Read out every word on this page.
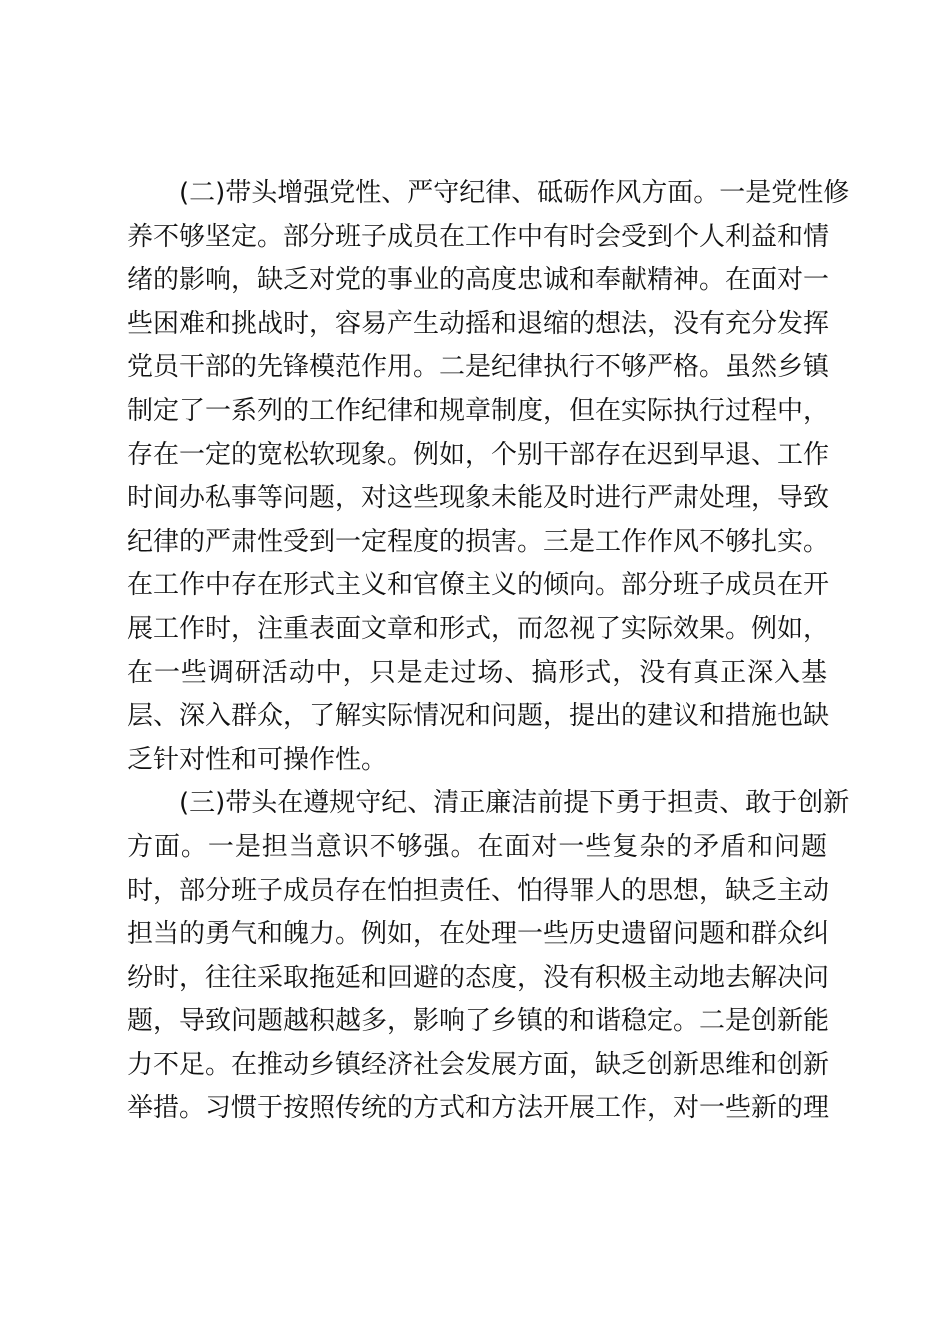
(二)带头增强党性、严守纪律、砥砺作风方面。一是党性修
养不够坚定。部分班子成员在工作中有时会受到个人利益和情
绪的影响，缺乏对党的事业的高度忠诚和奉献精神。在面对一
些困难和挑战时，容易产生动摇和退缩的想法，没有充分发挥
党员干部的先锋模范作用。二是纪律执行不够严格。虽然乡镇
制定了一系列的工作纪律和规章制度，但在实际执行过程中，
存在一定的宽松软现象。例如，个别干部存在迟到早退、工作
时间办私事等问题，对这些现象未能及时进行严肃处理，导致
纪律的严肃性受到一定程度的损害。三是工作作风不够扎实。
在工作中存在形式主义和官僚主义的倾向。部分班子成员在开
展工作时，注重表面文章和形式，而忽视了实际效果。例如，
在一些调研活动中，只是走过场、搞形式，没有真正深入基
层、深入群众，了解实际情况和问题，提出的建议和措施也缺
乏针对性和可操作性。
(三)带头在遵规守纪、清正廉洁前提下勇于担责、敢于创新
方面。一是担当意识不够强。在面对一些复杂的矛盾和问题
时，部分班子成员存在怕担责任、怕得罪人的思想，缺乏主动
担当的勇气和魄力。例如，在处理一些历史遗留问题和群众纠
纷时，往往采取拖延和回避的态度，没有积极主动地去解决问
题，导致问题越积越多，影响了乡镇的和谐稳定。二是创新能
力不足。在推动乡镇经济社会发展方面，缺乏创新思维和创新
举措。习惯于按照传统的方式和方法开展工作，对一些新的理
